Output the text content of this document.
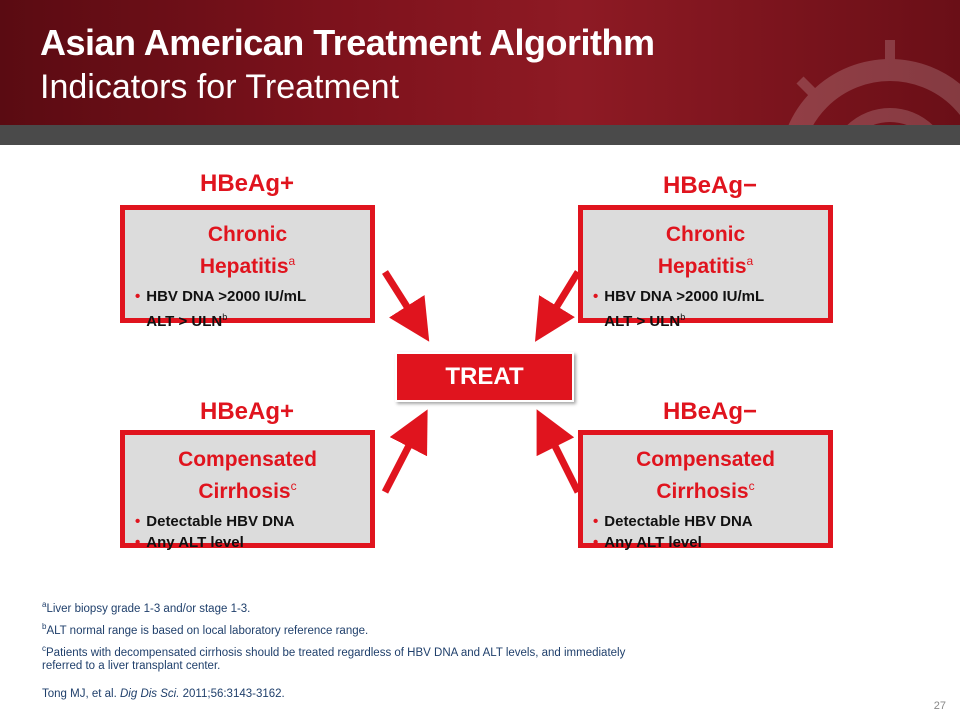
Asian American Treatment Algorithm
Indicators for Treatment
HBeAg+
Chronic
Hepatitis$^a$
• HBV DNA >2000 IU/mL
• ALT > $ULN^b$
HBeAg−
Chronic
Hepatitis$^a$
• HBV DNA >2000 IU/mL
• ALT > $ULN^b$
TREAT
HBeAg+
Compensated
Cirrhosis$^c$
• Detectable HBV DNA
• Any ALT level
HBeAg−
Compensated
Cirrhosis$^c$
• Detectable HBV DNA
• Any ALT level

$^a$Liver biopsy grade 1-3 and/or stage 1-3.

$^b$ALT normal range is based on local laboratory reference range.

$^c$Patients with decompensated cirrhosis should be treated regardless of HBV DNA and ALT levels, and immediately referred to a liver transplant center.

Tong MJ, et al. Dig Dis Sci. 2011;56:3143-3162.
27
